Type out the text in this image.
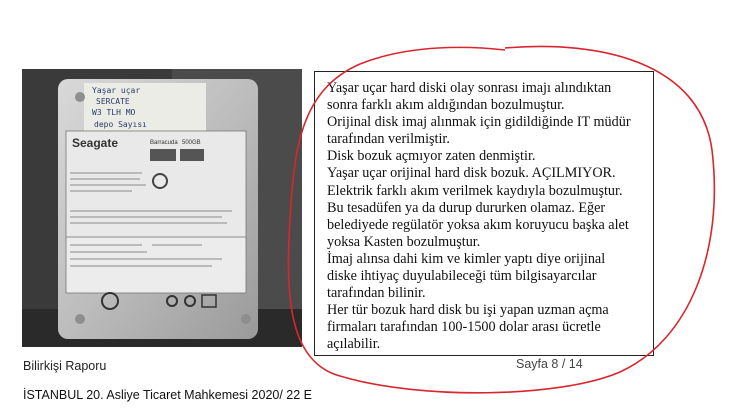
Yaşar uçar
SERCATE
W3 TLH MO
depo Sayısı
Seagate	Barracuda 500GB
Yaşar uçar hard diski olay sonrası imajı alındıktan
sonra farklı akım aldığından bozulmuştur.
Orijinal disk imaj alınmak için gidildiğinde IT müdür
tarafından verilmiştir.
Disk bozuk açmıyor zaten denmiştir.
Yaşar uçar orijinal hard disk bozuk. AÇILMIYOR.
Elektrik farklı akım verilmek kaydıyla bozulmuştur.
Bu tesadüfen ya da durup dururken olamaz. Eğer
belediyede regülatör yoksa akım koruyucu başka alet
yoksa Kasten bozulmuştur.
İmaj alınsa dahi kim ve kimler yaptı diye orijinal
diske ihtiyaç duyulabileceği tüm bilgisayarcılar
tarafından bilinir.
Her tür bozuk hard disk bu işi yapan uzman açma
firmaları tarafından 100-1500 dolar arası ücretle
açılabilir.
Bilirkişi Raporu	Sayfa 8 / 14
İSTANBUL 20. Asliye Ticaret Mahkemesi 2020/ 22 E
